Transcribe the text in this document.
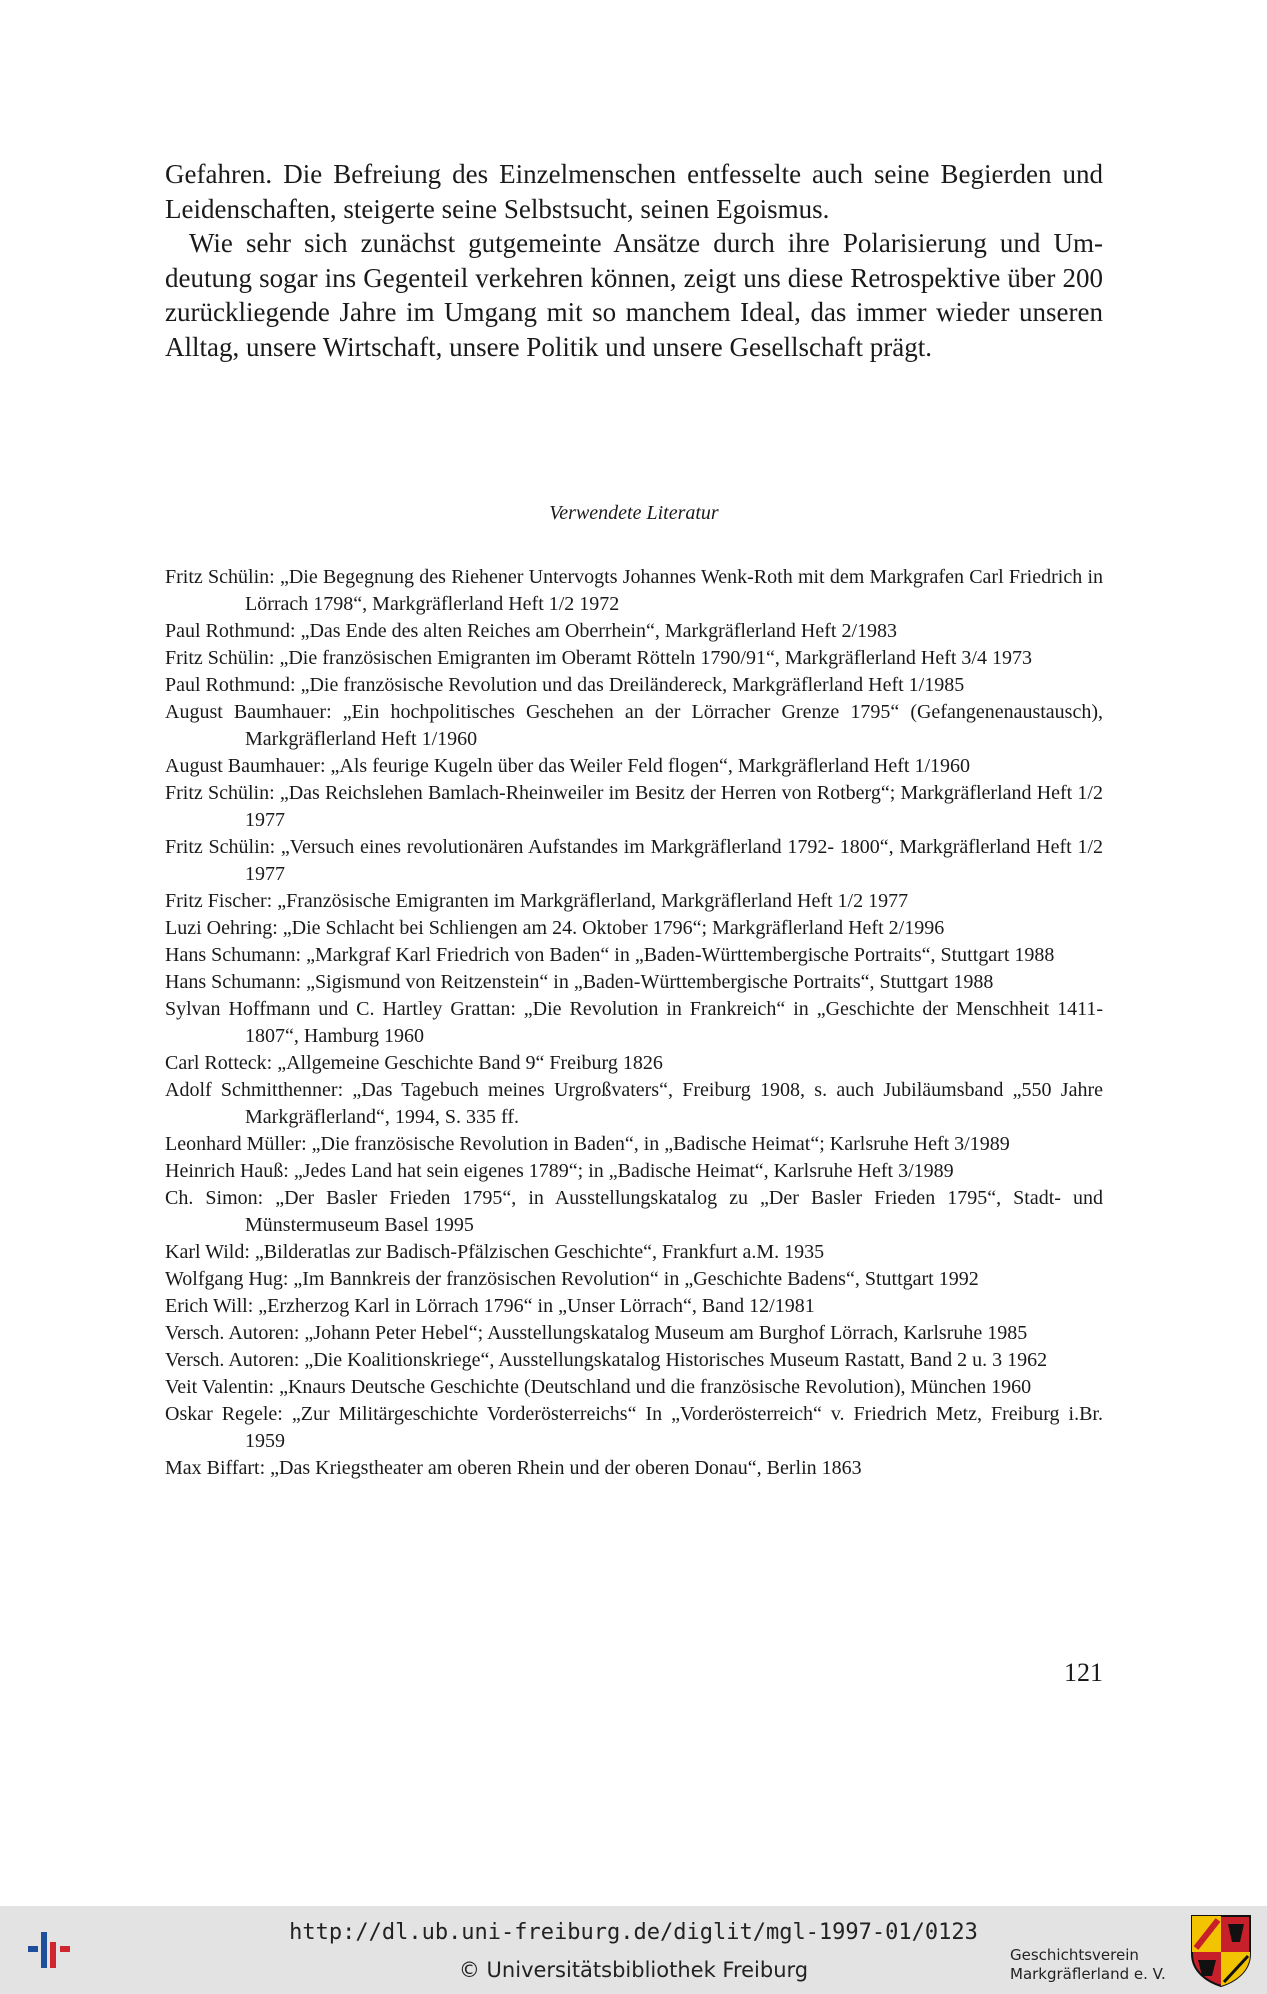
Gefahren. Die Befreiung des Einzelmenschen entfesselte auch seine Begierden und Leidenschaften, steigerte seine Selbstsucht, seinen Egoismus.

Wie sehr sich zunächst gutgemeinte Ansätze durch ihre Polarisierung und Umdeutung sogar ins Gegenteil verkehren können, zeigt uns diese Retrospektive über 200 zurückliegende Jahre im Umgang mit so manchem Ideal, das immer wieder unseren Alltag, unsere Wirtschaft, unsere Politik und unsere Gesellschaft prägt.

Verwendete Literatur
Fritz Schülin: „Die Begegnung des Riehener Untervogts Johannes Wenk-Roth mit dem Markgrafen Carl Friedrich in Lörrach 1798“, Markgräflerland Heft 1/2 1972
Paul Rothmund: „Das Ende des alten Reiches am Oberrhein“, Markgräflerland Heft 2/1983
Fritz Schülin: „Die französischen Emigranten im Oberamt Rötteln 1790/91“, Markgräflerland Heft 3/4 1973
Paul Rothmund: „Die französische Revolution und das Dreiländereck, Markgräflerland Heft 1/1985
August Baumhauer: „Ein hochpolitisches Geschehen an der Lörracher Grenze 1795“ (Gefangenenaustausch), Markgräflerland Heft 1/1960
August Baumhauer: „Als feurige Kugeln über das Weiler Feld flogen“, Markgräflerland Heft 1/1960
Fritz Schülin: „Das Reichslehen Bamlach-Rheinweiler im Besitz der Herren von Rotberg“; Markgräflerland Heft 1/2 1977
Fritz Schülin: „Versuch eines revolutionären Aufstandes im Markgräflerland 1792- 1800“, Markgräflerland Heft 1/2 1977
Fritz Fischer: „Französische Emigranten im Markgräflerland, Markgräflerland Heft 1/2 1977
Luzi Oehring: „Die Schlacht bei Schliengen am 24. Oktober 1796“; Markgräflerland Heft 2/1996
Hans Schumann: „Markgraf Karl Friedrich von Baden“ in „Baden-Württembergische Portraits“, Stuttgart 1988
Hans Schumann: „Sigismund von Reitzenstein“ in „Baden-Württembergische Portraits“, Stuttgart 1988
Sylvan Hoffmann und C. Hartley Grattan: „Die Revolution in Frankreich“ in „Geschichte der Menschheit 1411-1807“, Hamburg 1960
Carl Rotteck: „Allgemeine Geschichte Band 9“ Freiburg 1826
Adolf Schmitthenner: „Das Tagebuch meines Urgroßvaters“, Freiburg 1908, s. auch Jubiläumsband „550 Jahre Markgräflerland“, 1994, S. 335 ff.
Leonhard Müller: „Die französische Revolution in Baden“, in „Badische Heimat“; Karlsruhe Heft 3/1989
Heinrich Hauß: „Jedes Land hat sein eigenes 1789“; in „Badische Heimat“, Karlsruhe Heft 3/1989
Ch. Simon: „Der Basler Frieden 1795“, in Ausstellungskatalog zu „Der Basler Frieden 1795“, Stadt- und Münstermuseum Basel 1995
Karl Wild: „Bilderatlas zur Badisch-Pfälzischen Geschichte“, Frankfurt a.M. 1935
Wolfgang Hug: „Im Bannkreis der französischen Revolution“ in „Geschichte Badens“, Stuttgart 1992
Erich Will: „Erzherzog Karl in Lörrach 1796“ in „Unser Lörrach“, Band 12/1981
Versch. Autoren: „Johann Peter Hebel“; Ausstellungskatalog Museum am Burghof Lörrach, Karlsruhe 1985
Versch. Autoren: „Die Koalitionskriege“, Ausstellungskatalog Historisches Museum Rastatt, Band 2 u. 3 1962
Veit Valentin: „Knaurs Deutsche Geschichte (Deutschland und die französische Revolution), München 1960
Oskar Regele: „Zur Militärgeschichte Vorderösterreichs“ In „Vorderösterreich“ v. Friedrich Metz, Freiburg i.Br. 1959
Max Biffart: „Das Kriegstheater am oberen Rhein und der oberen Donau“, Berlin 1863
121
http://dl.ub.uni-freiburg.de/diglit/mgl-1997-01/0123
© Universitätsbibliothek Freiburg
Geschichtsverein
Markgräflerland e. V.
